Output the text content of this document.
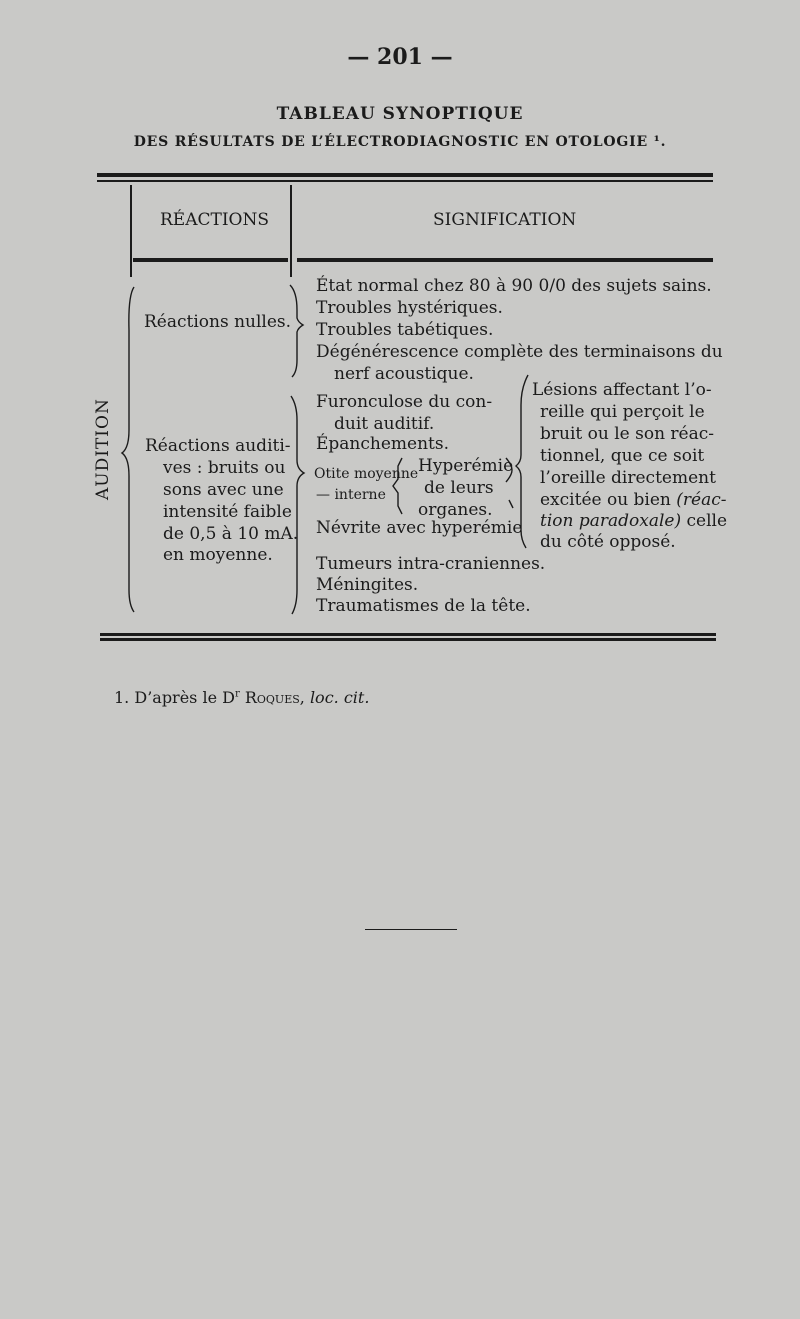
— 201 —
TABLEAU SYNOPTIQUE
DES RÉSULTATS DE L’ÉLECTRODIAGNOSTIC EN OTOLOGIE ¹.
RÉACTIONS	SIGNIFICATION
AUDITION
Réactions nulles.
Réactions auditi-
ves : bruits ou
sons avec une
intensité faible
de 0,5 à 10 mA.
en moyenne.
État normal chez 80 à 90 0/0 des sujets sains.
Troubles hystériques.
Troubles tabétiques.
Dégénérescence complète des terminaisons du
nerf acoustique.
Furonculose du con-
duit auditif.
Épanchements.
Otite moyenne
— interne
Hyperémie
de leurs
organes.
Névrite avec hyperémie
Lésions affectant l’o-
reille qui perçoit le
bruit ou le son réac-
tionnel, que ce soit
l’oreille directement
excitée ou bien (réac-
tion paradoxale) celle
du côté opposé.
Tumeurs intra-craniennes.
Méningites.
Traumatismes de la tête.
1. D’après le $D^r$ Roques, loc. cit.
